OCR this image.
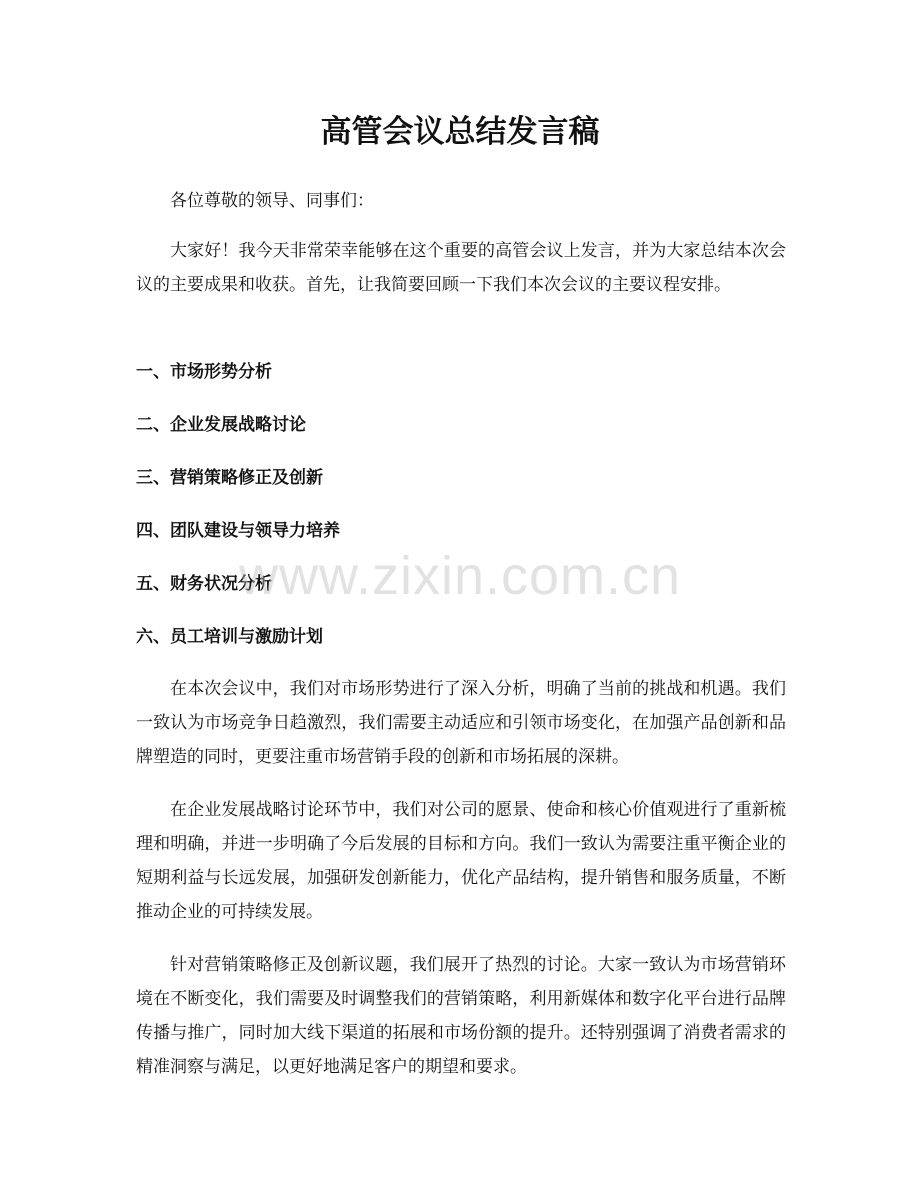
高管会议总结发言稿

各位尊敬的领导、同事们：

大家好！我今天非常荣幸能够在这个重要的高管会议上发言，并为大家总结本次会议的主要成果和收获。首先，让我简要回顾一下我们本次会议的主要议程安排。

一、市场形势分析

二、企业发展战略讨论

三、营销策略修正及创新

四、团队建设与领导力培养

五、财务状况分析

六、员工培训与激励计划

在本次会议中，我们对市场形势进行了深入分析，明确了当前的挑战和机遇。我们一致认为市场竞争日趋激烈，我们需要主动适应和引领市场变化，在加强产品创新和品牌塑造的同时，更要注重市场营销手段的创新和市场拓展的深耕。

在企业发展战略讨论环节中，我们对公司的愿景、使命和核心价值观进行了重新梳理和明确，并进一步明确了今后发展的目标和方向。我们一致认为需要注重平衡企业的短期利益与长远发展，加强研发创新能力，优化产品结构，提升销售和服务质量，不断推动企业的可持续发展。

针对营销策略修正及创新议题，我们展开了热烈的讨论。大家一致认为市场营销环境在不断变化，我们需要及时调整我们的营销策略，利用新媒体和数字化平台进行品牌传播与推广，同时加大线下渠道的拓展和市场份额的提升。还特别强调了消费者需求的精准洞察与满足，以更好地满足客户的期望和要求。

www.zixin.com.cn
